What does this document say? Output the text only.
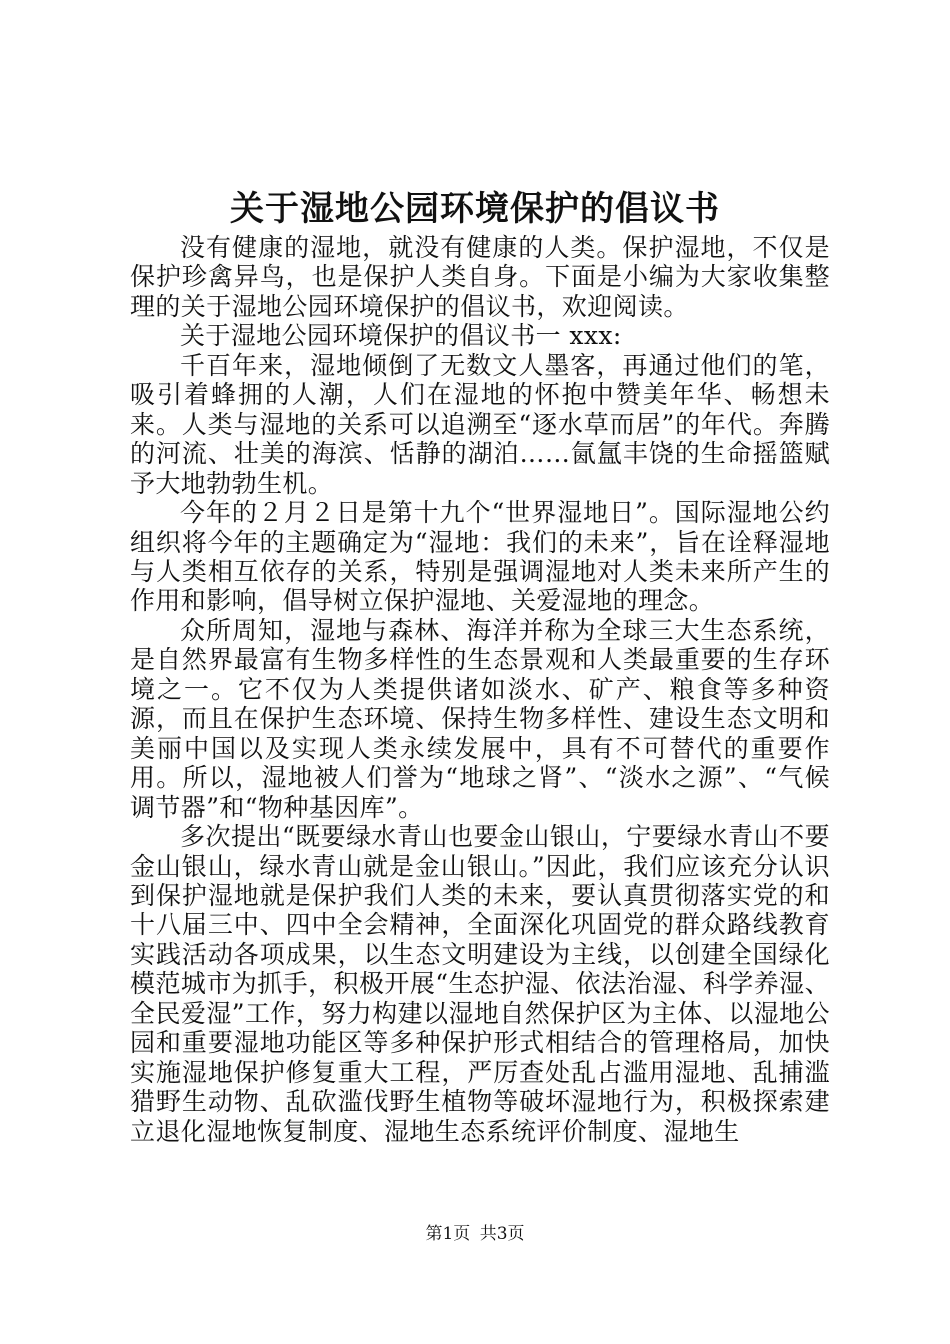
关于湿地公园环境保护的倡议书

没有健康的湿地，就没有健康的人类。保护湿地，不仅是保护珍禽异鸟，也是保护人类自身。下面是小编为大家收集整理的关于湿地公园环境保护的倡议书，欢迎阅读。

关于湿地公园环境保护的倡议书一 xxx:

千百年来，湿地倾倒了无数文人墨客，再通过他们的笔，吸引着蜂拥的人潮，人们在湿地的怀抱中赞美年华、畅想未来。人类与湿地的关系可以追溯至“逐水草而居”的年代。奔腾的河流、壮美的海滨、恬静的湖泊……氤氲丰饶的生命摇篮赋予大地勃勃生机。

今年的２月２日是第十九个“世界湿地日”。国际湿地公约组织将今年的主题确定为“湿地：我们的未来”，旨在诠释湿地与人类相互依存的关系，特别是强调湿地对人类未来所产生的作用和影响，倡导树立保护湿地、关爱湿地的理念。

众所周知，湿地与森林、海洋并称为全球三大生态系统，是自然界最富有生物多样性的生态景观和人类最重要的生存环境之一。它不仅为人类提供诸如淡水、矿产、粮食等多种资源，而且在保护生态环境、保持生物多样性、建设生态文明和美丽中国以及实现人类永续发展中，具有不可替代的重要作用。所以，湿地被人们誉为“地球之肾”、“淡水之源”、“气候调节器”和“物种基因库”。

多次提出“既要绿水青山也要金山银山，宁要绿水青山不要金山银山，绿水青山就是金山银山。”因此，我们应该充分认识到保护湿地就是保护我们人类的未来，要认真贯彻落实党的和十八届三中、四中全会精神，全面深化巩固党的群众路线教育实践活动各项成果，以生态文明建设为主线，以创建全国绿化模范城市为抓手，积极开展“生态护湿、依法治湿、科学养湿、全民爱湿”工作，努力构建以湿地自然保护区为主体、以湿地公园和重要湿地功能区等多种保护形式相结合的管理格局，加快实施湿地保护修复重大工程，严厉查处乱占滥用湿地、乱捕滥猎野生动物、乱砍滥伐野生植物等破坏湿地行为，积极探索建立退化湿地恢复制度、湿地生态系统评价制度、湿地生

第1页 共3页
